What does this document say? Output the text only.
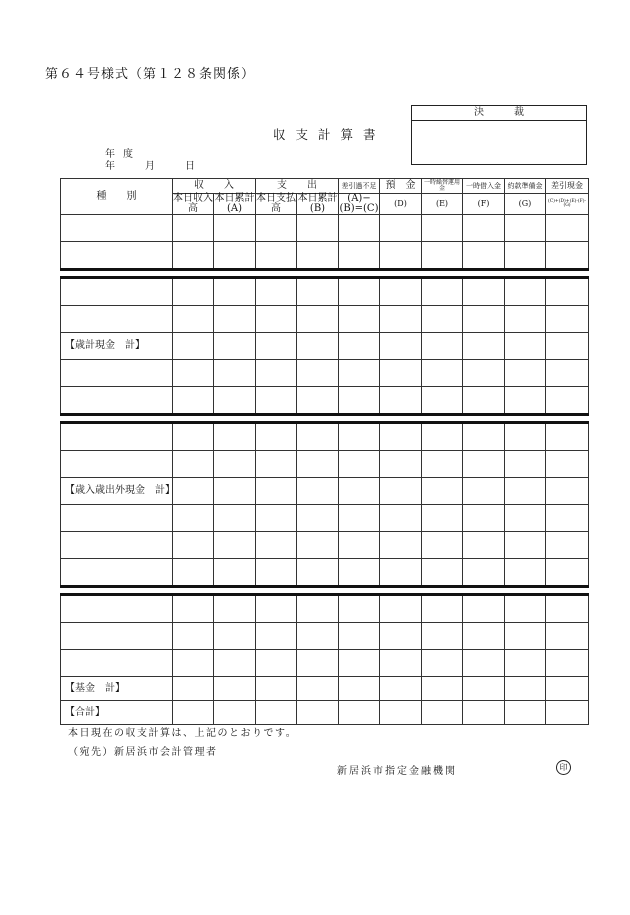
第６４号様式（第１２８条関係）
収支計算書
年度
年	月	日
決裁
種　　別	収　　入		支　　出		差引過不足	預　金	一時繰替運用金	一時借入金	約款準備金	差引現金
	本日収入高	本日累計(A)	本日支払高	本日累計(B)	(A)−(B)=(C)	(D)	(E)	(F)	(G)	(C)+(D)+(E)-(F)-(G)

【歳計現金　計】										

【歳入歳出外現金　計】										

【基金　計】										
【合計】										
本日現在の収支計算は、上記のとおりです。
（宛先）新居浜市会計管理者
新居浜市指定金融機関	印
